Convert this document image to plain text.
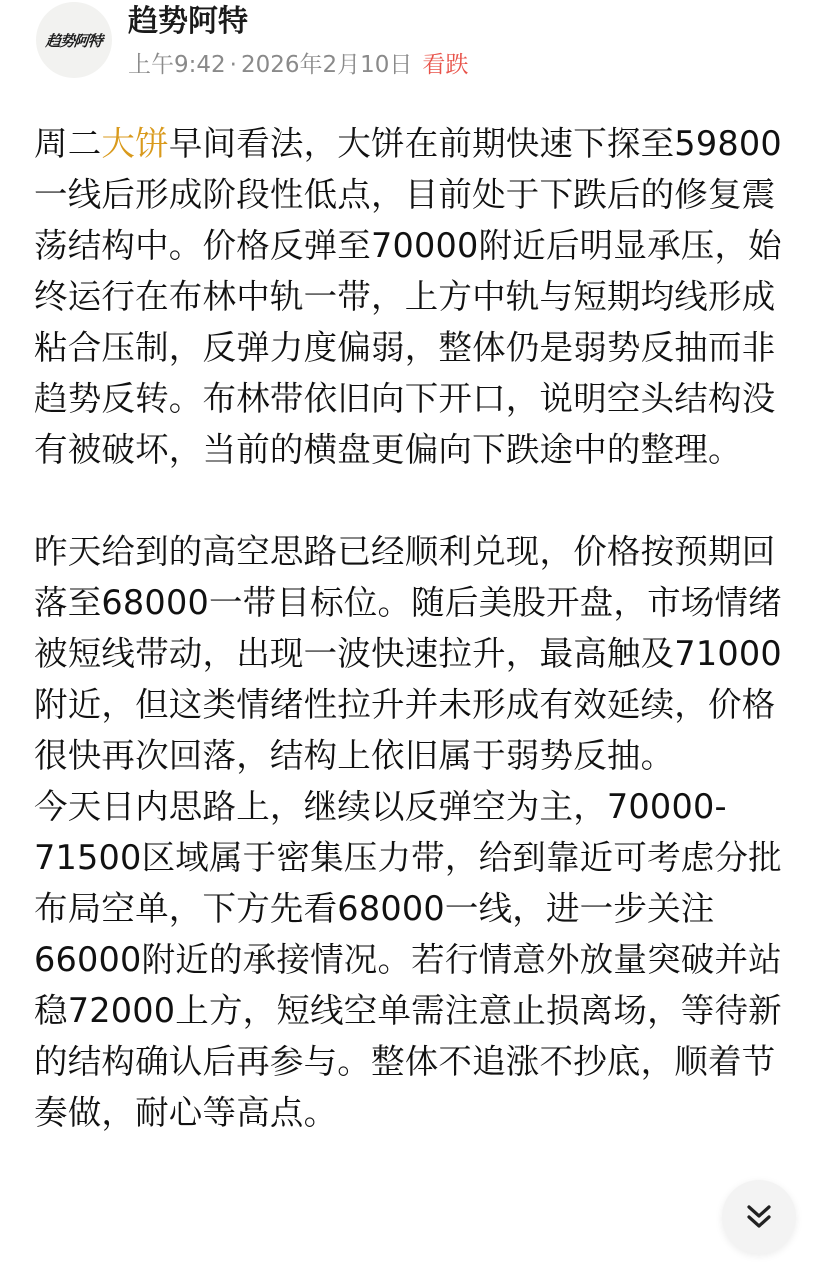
趋势阿特
趋势阿特
上午9:42 · 2026年2月10日 看跌

周二大饼早间看法，大饼在前期快速下探至59800一线后形成阶段性低点，目前处于下跌后的修复震荡结构中。价格反弹至70000附近后明显承压，始终运行在布林中轨一带，上方中轨与短期均线形成粘合压制，反弹力度偏弱，整体仍是弱势反抽而非趋势反转。布林带依旧向下开口，说明空头结构没有被破坏，当前的横盘更偏向下跌途中的整理。

昨天给到的高空思路已经顺利兑现，价格按预期回落至68000一带目标位。随后美股开盘，市场情绪被短线带动，出现一波快速拉升，最高触及71000附近，但这类情绪性拉升并未形成有效延续，价格很快再次回落，结构上依旧属于弱势反抽。

今天日内思路上，继续以反弹空为主，70000-71500区域属于密集压力带，给到靠近可考虑分批布局空单，下方先看68000一线，进一步关注66000附近的承接情况。若行情意外放量突破并站稳72000上方，短线空单需注意止损离场，等待新的结构确认后再参与。整体不追涨不抄底，顺着节奏做，耐心等高点。
